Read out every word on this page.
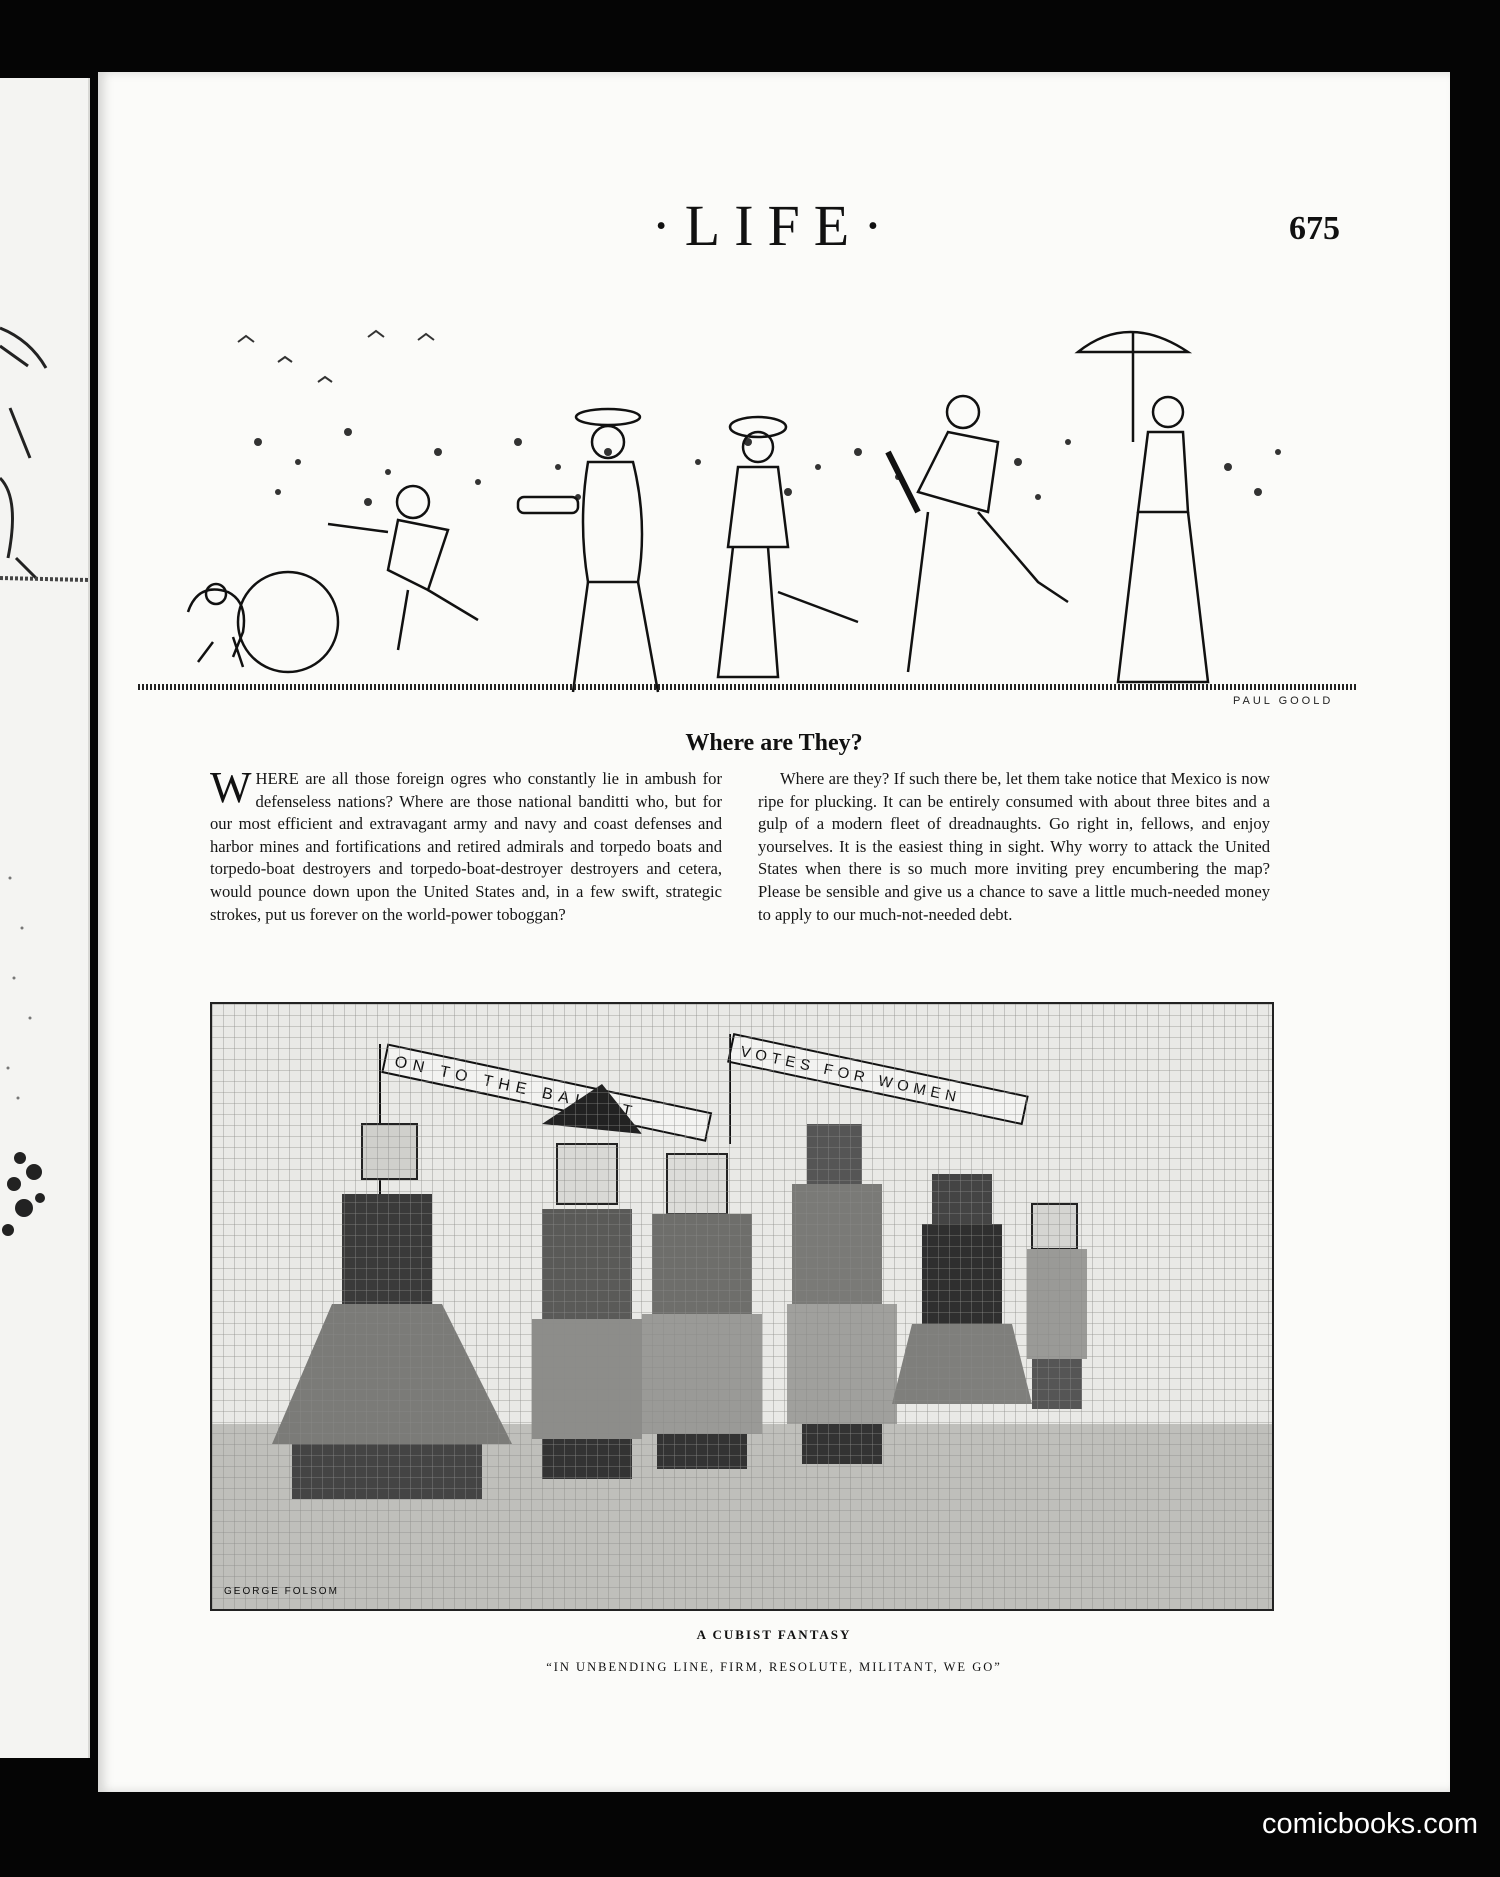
·LIFE·	675
PAUL GOOLD
Where are They?
W HERE are all those foreign ogres who constantly lie in ambush for defenseless nations? Where are those national banditti who, but for our most efficient and extravagant army and navy and coast defenses and harbor mines and fortifications and retired admirals and torpedo boats and torpedo-boat destroyers and torpedo-boat-destroyer destroyers and cetera, would pounce down upon the United States and, in a few swift, strategic strokes, put us forever on the world-power toboggan?
Where are they? If such there be, let them take notice that Mexico is now ripe for plucking. It can be entirely consumed with about three bites and a gulp of a modern fleet of dreadnaughts. Go right in, fellows, and enjoy yourselves. It is the easiest thing in sight. Why worry to attack the United States when there is so much more inviting prey encumbering the map? Please be sensible and give us a chance to save a little much-needed money to apply to our much-not-needed debt.
GEORGE FOLSOM
A CUBIST FANTASY
“IN UNBENDING LINE, FIRM, RESOLUTE, MILITANT, WE GO”
comicbooks.com
